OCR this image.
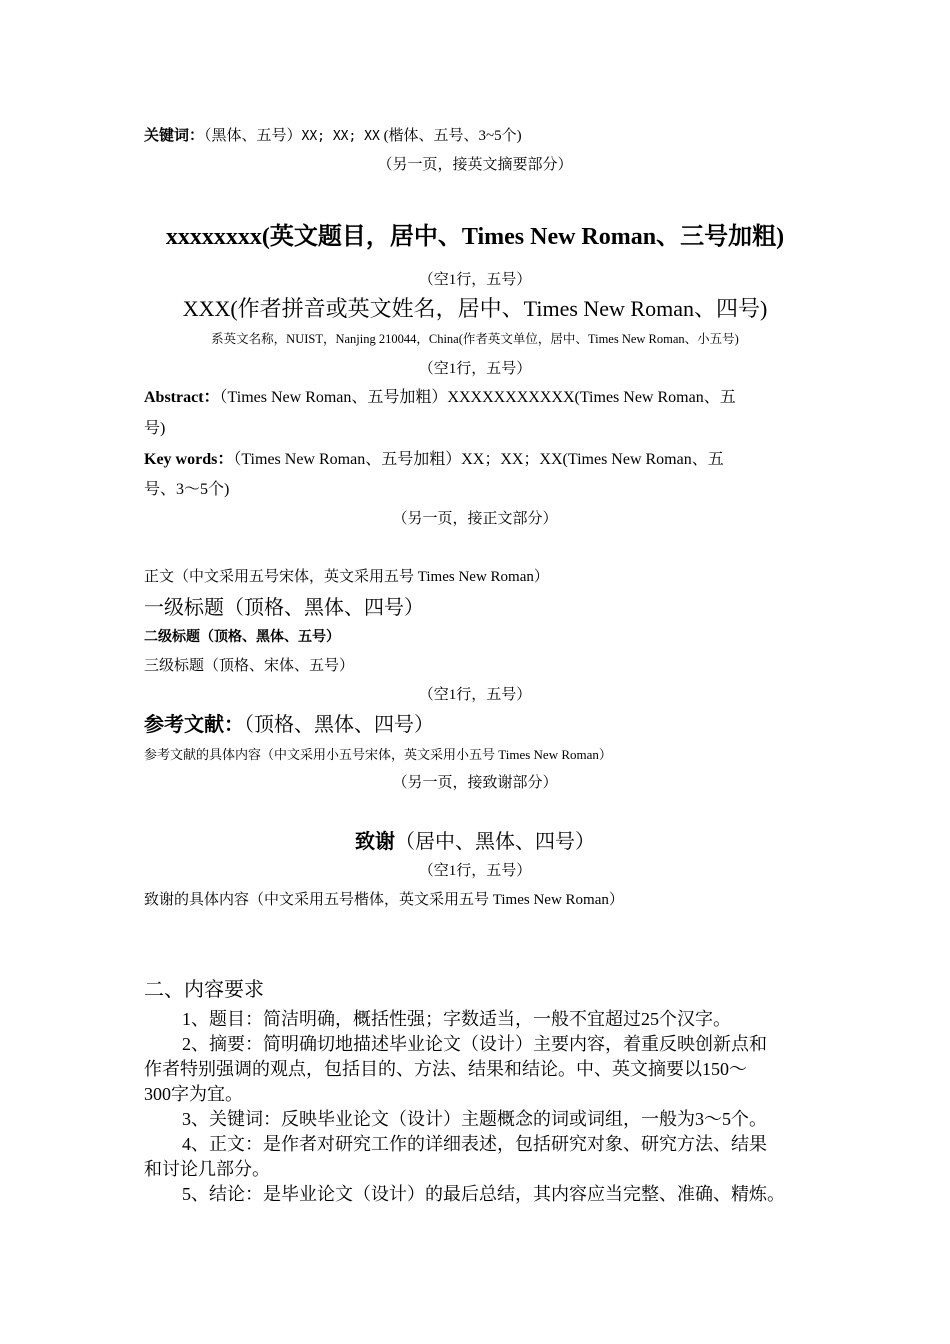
关键词：（黑体、五号）XX; XX; XX (楷体、五号、3~5个)
（另一页，接英文摘要部分）
xxxxxxxx(英文题目，居中、Times New Roman、三号加粗)
（空1行，五号）
XXX(作者拼音或英文姓名，居中、Times New Roman、四号)
系英文名称，NUIST，Nanjing 210044，China(作者英文单位，居中、Times New Roman、小五号)
（空1行，五号）
Abstract：（Times New Roman、五号加粗）XXXXXXXXXXX(Times New Roman、五
号)
Key words：（Times New Roman、五号加粗）XX；XX；XX(Times New Roman、五
号、3～5个)
（另一页，接正文部分）
正文（中文采用五号宋体，英文采用五号 Times New Roman）
一级标题（顶格、黑体、四号）
二级标题（顶格、黑体、五号）
三级标题（顶格、宋体、五号）
（空1行，五号）
参考文献：（顶格、黑体、四号）
参考文献的具体内容（中文采用小五号宋体，英文采用小五号 Times New Roman）
（另一页，接致谢部分）
致谢（居中、黑体、四号）
（空1行，五号）
致谢的具体内容（中文采用五号楷体，英文采用五号 Times New Roman）
二、内容要求
1、题目：简洁明确，概括性强；字数适当，一般不宜超过25个汉字。
2、摘要：简明确切地描述毕业论文（设计）主要内容，着重反映创新点和
作者特别强调的观点，包括目的、方法、结果和结论。中、英文摘要以150～
300字为宜。
3、关键词：反映毕业论文（设计）主题概念的词或词组，一般为3～5个。
4、正文：是作者对研究工作的详细表述，包括研究对象、研究方法、结果
和讨论几部分。
5、结论：是毕业论文（设计）的最后总结，其内容应当完整、准确、精炼。
